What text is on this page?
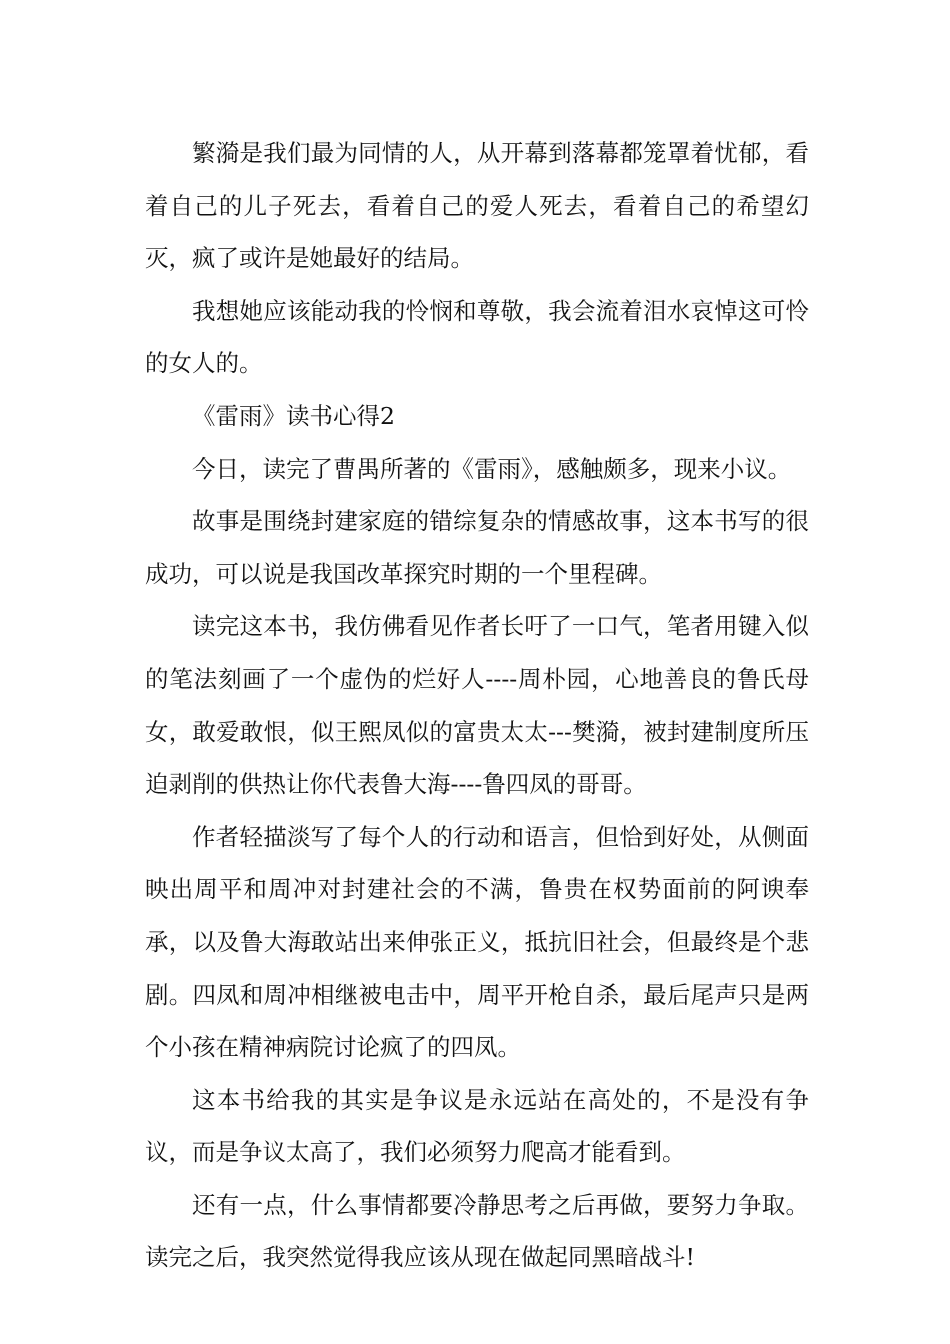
繁漪是我们最为同情的人，从开幕到落幕都笼罩着忧郁，看着自己的儿子死去，看着自己的爱人死去，看着自己的希望幻灭，疯了或许是她最好的结局。

我想她应该能动我的怜悯和尊敬，我会流着泪水哀悼这可怜的女人的。

《雷雨》读书心得2

今日，读完了曹禺所著的《雷雨》，感触颇多，现来小议。

故事是围绕封建家庭的错综复杂的情感故事，这本书写的很成功，可以说是我国改革探究时期的一个里程碑。

读完这本书，我仿佛看见作者长吁了一口气，笔者用键入似的笔法刻画了一个虚伪的烂好人----周朴园，心地善良的鲁氏母女，敢爱敢恨，似王熙凤似的富贵太太---樊漪，被封建制度所压迫剥削的供热让你代表鲁大海----鲁四凤的哥哥。

作者轻描淡写了每个人的行动和语言，但恰到好处，从侧面映出周平和周冲对封建社会的不满，鲁贵在权势面前的阿谀奉承，以及鲁大海敢站出来伸张正义，抵抗旧社会，但最终是个悲剧。四凤和周冲相继被电击中，周平开枪自杀，最后尾声只是两个小孩在精神病院讨论疯了的四凤。

这本书给我的其实是争议是永远站在高处的，不是没有争议，而是争议太高了，我们必须努力爬高才能看到。

还有一点，什么事情都要冷静思考之后再做，要努力争取。读完之后，我突然觉得我应该从现在做起同黑暗战斗!
